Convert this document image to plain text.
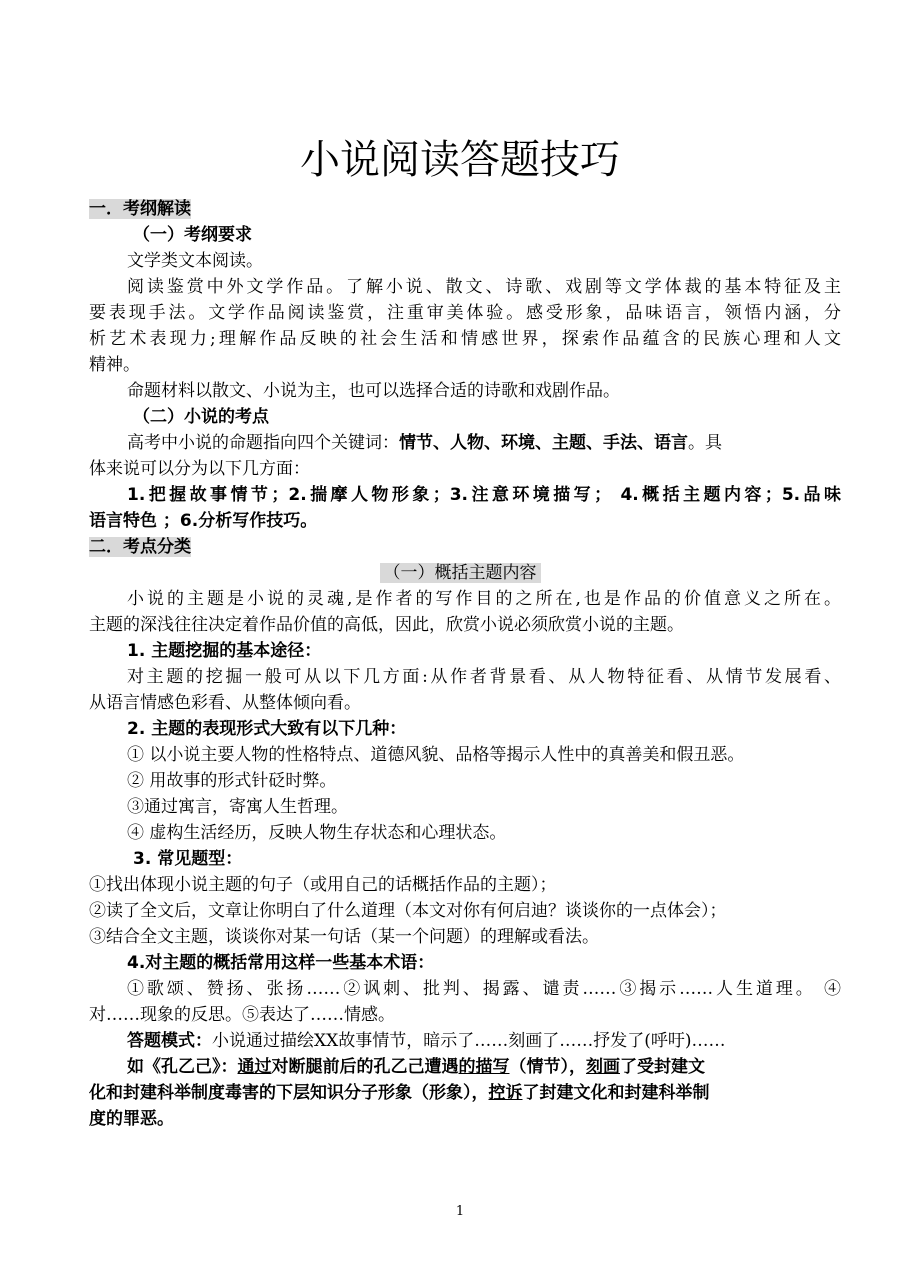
小说阅读答题技巧
一．考纲解读
（一）考纲要求
文学类文本阅读。
阅读鉴赏中外文学作品。了解小说、散文、诗歌、戏剧等文学体裁的基本特征及主
要表现手法。文学作品阅读鉴赏，注重审美体验。感受形象，品味语言，领悟内涵，分
析艺术表现力;理解作品反映的社会生活和情感世界，探索作品蕴含的民族心理和人文
精神。
命题材料以散文、小说为主，也可以选择合适的诗歌和戏剧作品。
（二）小说的考点
高考中小说的命题指向四个关键词：情节、人物、环境、主题、手法、语言。具
体来说可以分为以下几方面：
1.把握故事情节；2.揣摩人物形象；3.注意环境描写； 4.概括主题内容；5.品味
语言特色 ；6.分析写作技巧。
二．考点分类
（一）概括主题内容
小说的主题是小说的灵魂,是作者的写作目的之所在,也是作品的价值意义之所在。
主题的深浅往往决定着作品价值的高低，因此，欣赏小说必须欣赏小说的主题。
1. 主题挖掘的基本途径：
对主题的挖掘一般可从以下几方面:从作者背景看、从人物特征看、从情节发展看、
从语言情感色彩看、从整体倾向看。
2. 主题的表现形式大致有以下几种：
① 以小说主要人物的性格特点、道德风貌、品格等揭示人性中的真善美和假丑恶。
② 用故事的形式针砭时弊。
③通过寓言，寄寓人生哲理。
④ 虚构生活经历，反映人物生存状态和心理状态。
3. 常见题型：
①找出体现小说主题的句子（或用自己的话概括作品的主题）；
②读了全文后，文章让你明白了什么道理（本文对你有何启迪？谈谈你的一点体会）；
③结合全文主题，谈谈你对某一句话（某一个问题）的理解或看法。
4.对主题的概括常用这样一些基本术语：
①歌颂、赞扬、张扬……②讽刺、批判、揭露、谴责……③揭示……人生道理。 ④
对……现象的反思。⑤表达了……情感。
答题模式：小说通过描绘XX故事情节，暗示了……刻画了……抒发了(呼吁)……
如《孔乙己》：通过对断腿前后的孔乙己遭遇的描写（情节），刻画了受封建文
化和封建科举制度毒害的下层知识分子形象（形象），控诉了封建文化和封建科举制
度的罪恶。
1
